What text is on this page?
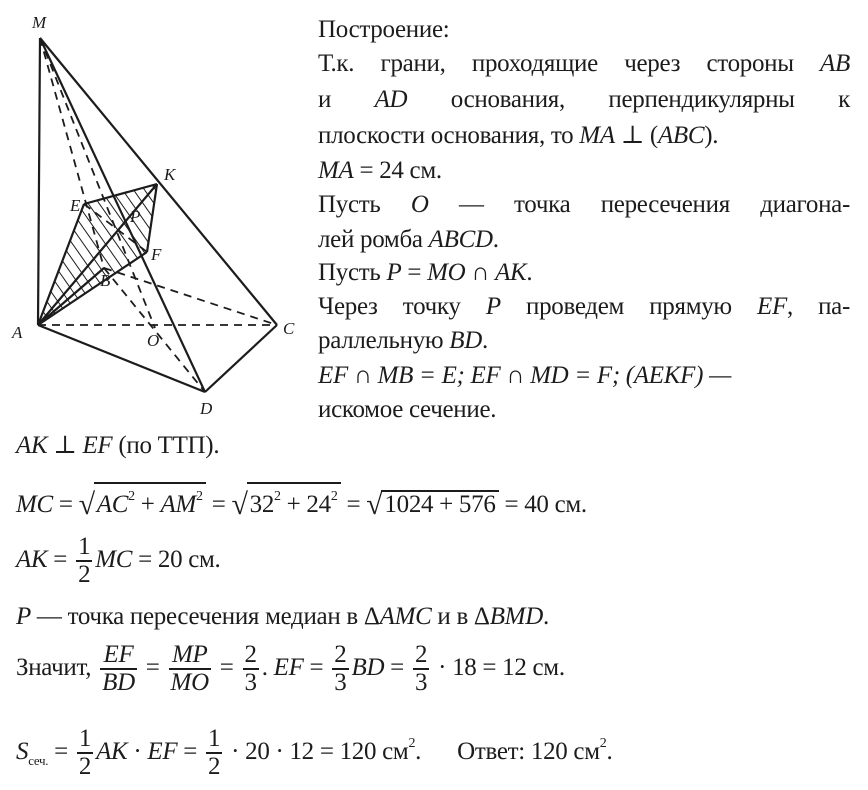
M
K
E
P
F
B
A	O
C
D
Построение:
Т.к. грани, проходящие через стороны AB
и AD основания, перпендикулярны к
плоскости основания, то MA ⊥ (ABC).
MA = 24 см.
Пусть O — точка пересечения диагона-
лей ромба ABCD.
Пусть P = MO ∩ AK.
Через точку P проведем прямую EF, па-
раллельную BD.
EF ∩ MB = E; EF ∩ MD = F; (AEKF) —
искомое сечение.
AK ⊥ EF (по ТТП).
MC = $√AC^2 + AM^2 = √32^2 + 24^2 = √1024 + 576 = 40$ см.
AK = $\frac{1}{2}$ MC = 20 см.
P — точка пересечения медиан в ΔAMC и в ΔBMD.
Значит, $\frac{EF}{BD} = \frac{MP}{MO} = \frac{2}{3}$ . EF = $\frac{2}{3}$ BD = $\frac{2}{3} \cdot 18 = 12$ см.
$S_{сеч.} = \frac{1}{2}$ AK · EF = $\frac{1}{2} \cdot 20 \cdot 12 = 120$ $см^2$. Ответ: 120 $см^2$.
